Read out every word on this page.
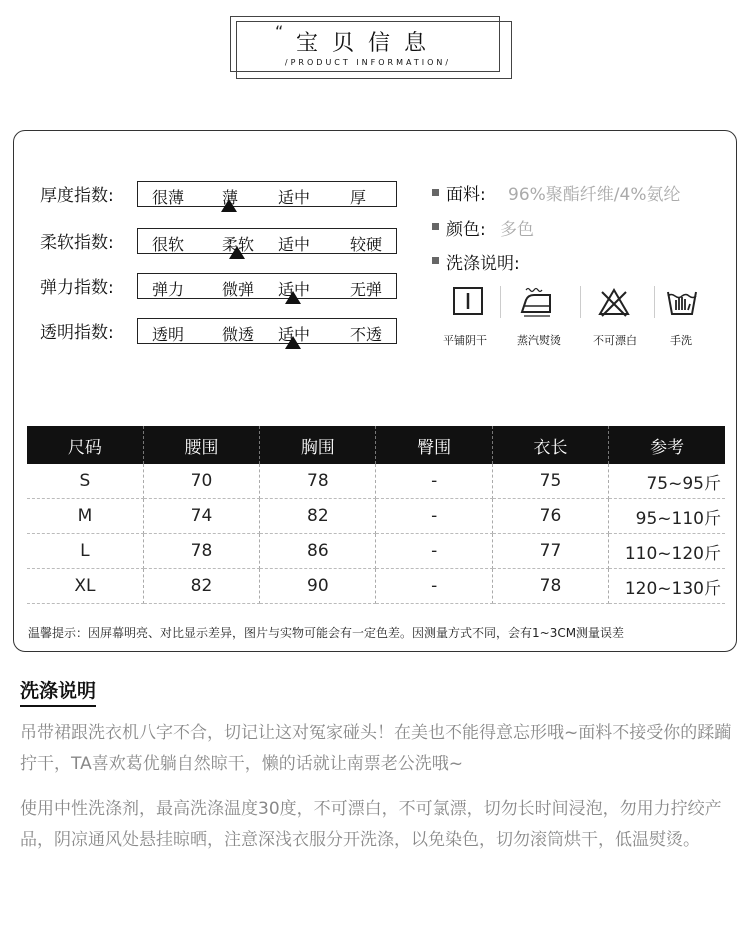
“ 宝贝信息
/PRODUCT INFORMATION/
厚度指数: 很薄 薄 适中 厚
柔软指数: 很软 柔软 适中 较硬
弹力指数: 弹力 微弹 适中 无弹
透明指数: 透明 微透 适中 不透
面料: 96%聚酯纤维/4%氨纶
颜色: 多色
洗涤说明:
平铺阴干	蒸汽熨烫	不可漂白	手洗
尺码	腰围	胸围	臀围	衣长	参考
S	70	78	-	75	75~95斤
M	74	82	-	76	95~110斤
L	78	86	-	77	110~120斤
XL	82	90	-	78	120~130斤
温馨提示：因屏幕明亮、对比显示差异，图片与实物可能会有一定色差。因测量方式不同，会有1~3CM测量误差
洗涤说明
吊带裙跟洗衣机八字不合，切记让这对冤家碰头！在美也不能得意忘形哦~面料不接受你的蹂躏拧干，TA喜欢葛优躺自然晾干，懒的话就让南票老公洗哦~
使用中性洗涤剂，最高洗涤温度30度，不可漂白，不可氯漂，切勿长时间浸泡，勿用力拧绞产品，阴凉通风处悬挂晾晒，注意深浅衣服分开洗涤，以免染色，切勿滚筒烘干，低温熨烫。
